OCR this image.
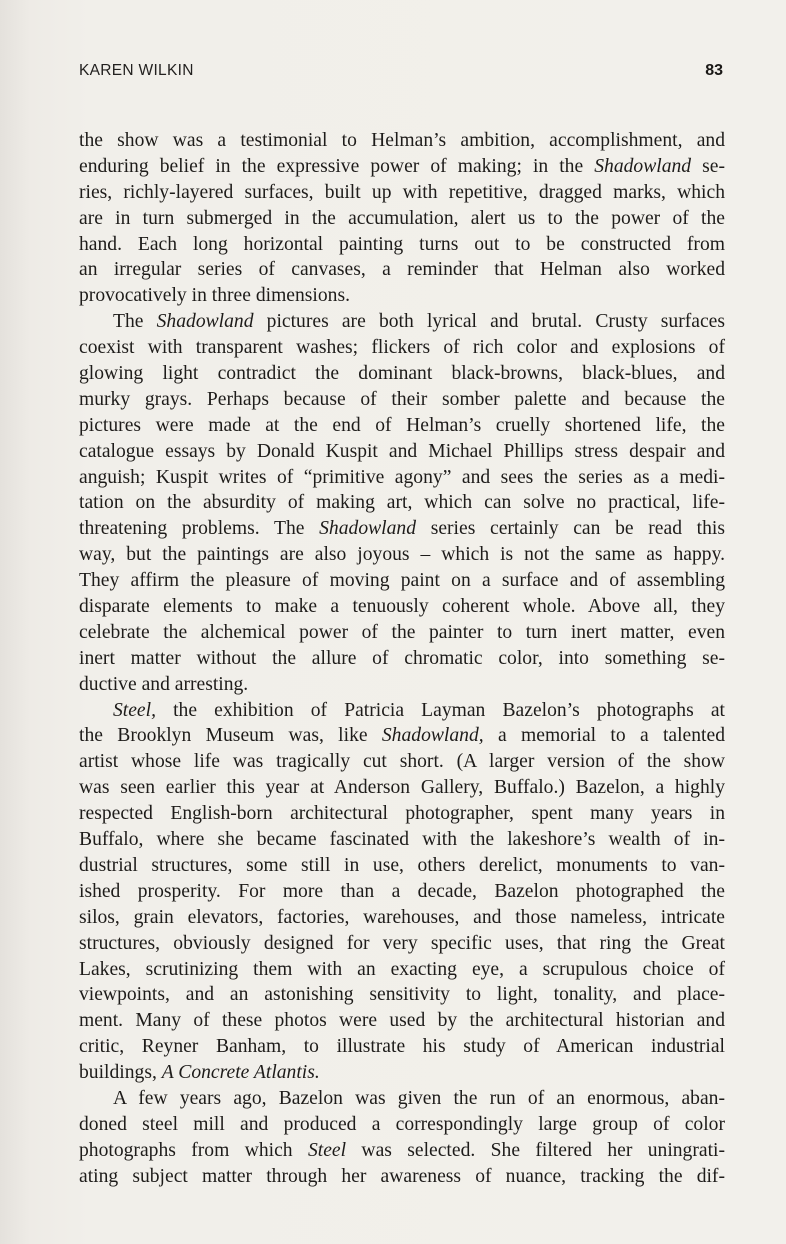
KAREN WILKIN	83
the show was a testimonial to Helman’s ambition, accomplishment, and
enduring belief in the expressive power of making; in the Shadowland se-
ries, richly-layered surfaces, built up with repetitive, dragged marks, which
are in turn submerged in the accumulation, alert us to the power of the
hand. Each long horizontal painting turns out to be constructed from
an irregular series of canvases, a reminder that Helman also worked
provocatively in three dimensions.
The Shadowland pictures are both lyrical and brutal. Crusty surfaces
coexist with transparent washes; flickers of rich color and explosions of
glowing light contradict the dominant black-browns, black-blues, and
murky grays. Perhaps because of their somber palette and because the
pictures were made at the end of Helman’s cruelly shortened life, the
catalogue essays by Donald Kuspit and Michael Phillips stress despair and
anguish; Kuspit writes of “primitive agony” and sees the series as a medi-
tation on the absurdity of making art, which can solve no practical, life-
threatening problems. The Shadowland series certainly can be read this
way, but the paintings are also joyous – which is not the same as happy.
They affirm the pleasure of moving paint on a surface and of assembling
disparate elements to make a tenuously coherent whole. Above all, they
celebrate the alchemical power of the painter to turn inert matter, even
inert matter without the allure of chromatic color, into something se-
ductive and arresting.
Steel, the exhibition of Patricia Layman Bazelon’s photographs at
the Brooklyn Museum was, like Shadowland, a memorial to a talented
artist whose life was tragically cut short. (A larger version of the show
was seen earlier this year at Anderson Gallery, Buffalo.) Bazelon, a highly
respected English-born architectural photographer, spent many years in
Buffalo, where she became fascinated with the lakeshore’s wealth of in-
dustrial structures, some still in use, others derelict, monuments to van-
ished prosperity. For more than a decade, Bazelon photographed the
silos, grain elevators, factories, warehouses, and those nameless, intricate
structures, obviously designed for very specific uses, that ring the Great
Lakes, scrutinizing them with an exacting eye, a scrupulous choice of
viewpoints, and an astonishing sensitivity to light, tonality, and place-
ment. Many of these photos were used by the architectural historian and
critic, Reyner Banham, to illustrate his study of American industrial
buildings, A Concrete Atlantis.
A few years ago, Bazelon was given the run of an enormous, aban-
doned steel mill and produced a correspondingly large group of color
photographs from which Steel was selected. She filtered her uningrati-
ating subject matter through her awareness of nuance, tracking the dif-
